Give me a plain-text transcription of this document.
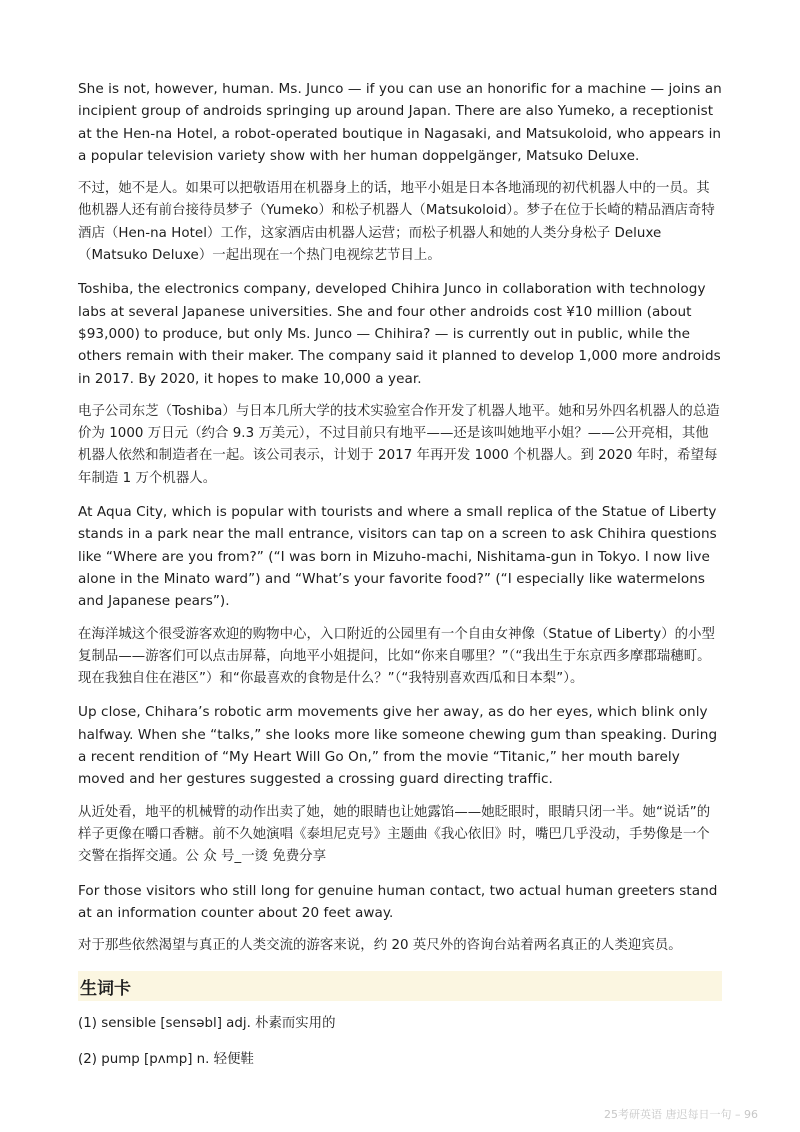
She is not, however, human. Ms. Junco — if you can use an honorific for a machine — joins an incipient group of androids springing up around Japan. There are also Yumeko, a receptionist at the Hen-na Hotel, a robot-operated boutique in Nagasaki, and Matsukoloid, who appears in a popular television variety show with her human doppelgänger, Matsuko Deluxe.

不过，她不是人。如果可以把敬语用在机器身上的话，地平小姐是日本各地涌现的初代机器人中的一员。其他机器人还有前台接待员梦子（Yumeko）和松子机器人（Matsukoloid）。梦子在位于长崎的精品酒店奇特酒店（Hen-na Hotel）工作，这家酒店由机器人运营；而松子机器人和她的人类分身松子 Deluxe（Matsuko Deluxe）一起出现在一个热门电视综艺节目上。

Toshiba, the electronics company, developed Chihira Junco in collaboration with technology labs at several Japanese universities. She and four other androids cost ¥10 million (about $93,000) to produce, but only Ms. Junco — Chihira? — is currently out in public, while the others remain with their maker. The company said it planned to develop 1,000 more androids in 2017. By 2020, it hopes to make 10,000 a year.

电子公司东芝（Toshiba）与日本几所大学的技术实验室合作开发了机器人地平。她和另外四名机器人的总造价为 1000 万日元（约合 9.3 万美元），不过目前只有地平——还是该叫她地平小姐？——公开亮相，其他机器人依然和制造者在一起。该公司表示，计划于 2017 年再开发 1000 个机器人。到 2020 年时，希望每年制造 1 万个机器人。

At Aqua City, which is popular with tourists and where a small replica of the Statue of Liberty stands in a park near the mall entrance, visitors can tap on a screen to ask Chihira questions like “Where are you from?” (“I was born in Mizuho-machi, Nishitama-gun in Tokyo. I now live alone in the Minato ward”) and “What’s your favorite food?” (“I especially like watermelons and Japanese pears”).

在海洋城这个很受游客欢迎的购物中心，入口附近的公园里有一个自由女神像（Statue of Liberty）的小型复制品——游客们可以点击屏幕，向地平小姐提问，比如“你来自哪里？”（“我出生于东京西多摩郡瑞穗町。现在我独自住在港区”）和“你最喜欢的食物是什么？”（“我特别喜欢西瓜和日本梨”）。

Up close, Chihara’s robotic arm movements give her away, as do her eyes, which blink only halfway. When she “talks,” she looks more like someone chewing gum than speaking. During a recent rendition of “My Heart Will Go On,” from the movie “Titanic,” her mouth barely moved and her gestures suggested a crossing guard directing traffic.

从近处看，地平的机械臂的动作出卖了她，她的眼睛也让她露馅——她眨眼时，眼睛只闭一半。她“说话”的样子更像在嚼口香糖。前不久她演唱《泰坦尼克号》主题曲《我心依旧》时，嘴巴几乎没动，手势像是一个交警在指挥交通。公 众 号_一烫 免费分享

For those visitors who still long for genuine human contact, two actual human greeters stand at an information counter about 20 feet away.

对于那些依然渴望与真正的人类交流的游客来说，约 20 英尺外的咨询台站着两名真正的人类迎宾员。

生词卡

(1) sensible [sensəbl] adj. 朴素而实用的

(2) pump [pʌmp] n. 轻便鞋

25考研英语 唐迟每日一句 – 96
